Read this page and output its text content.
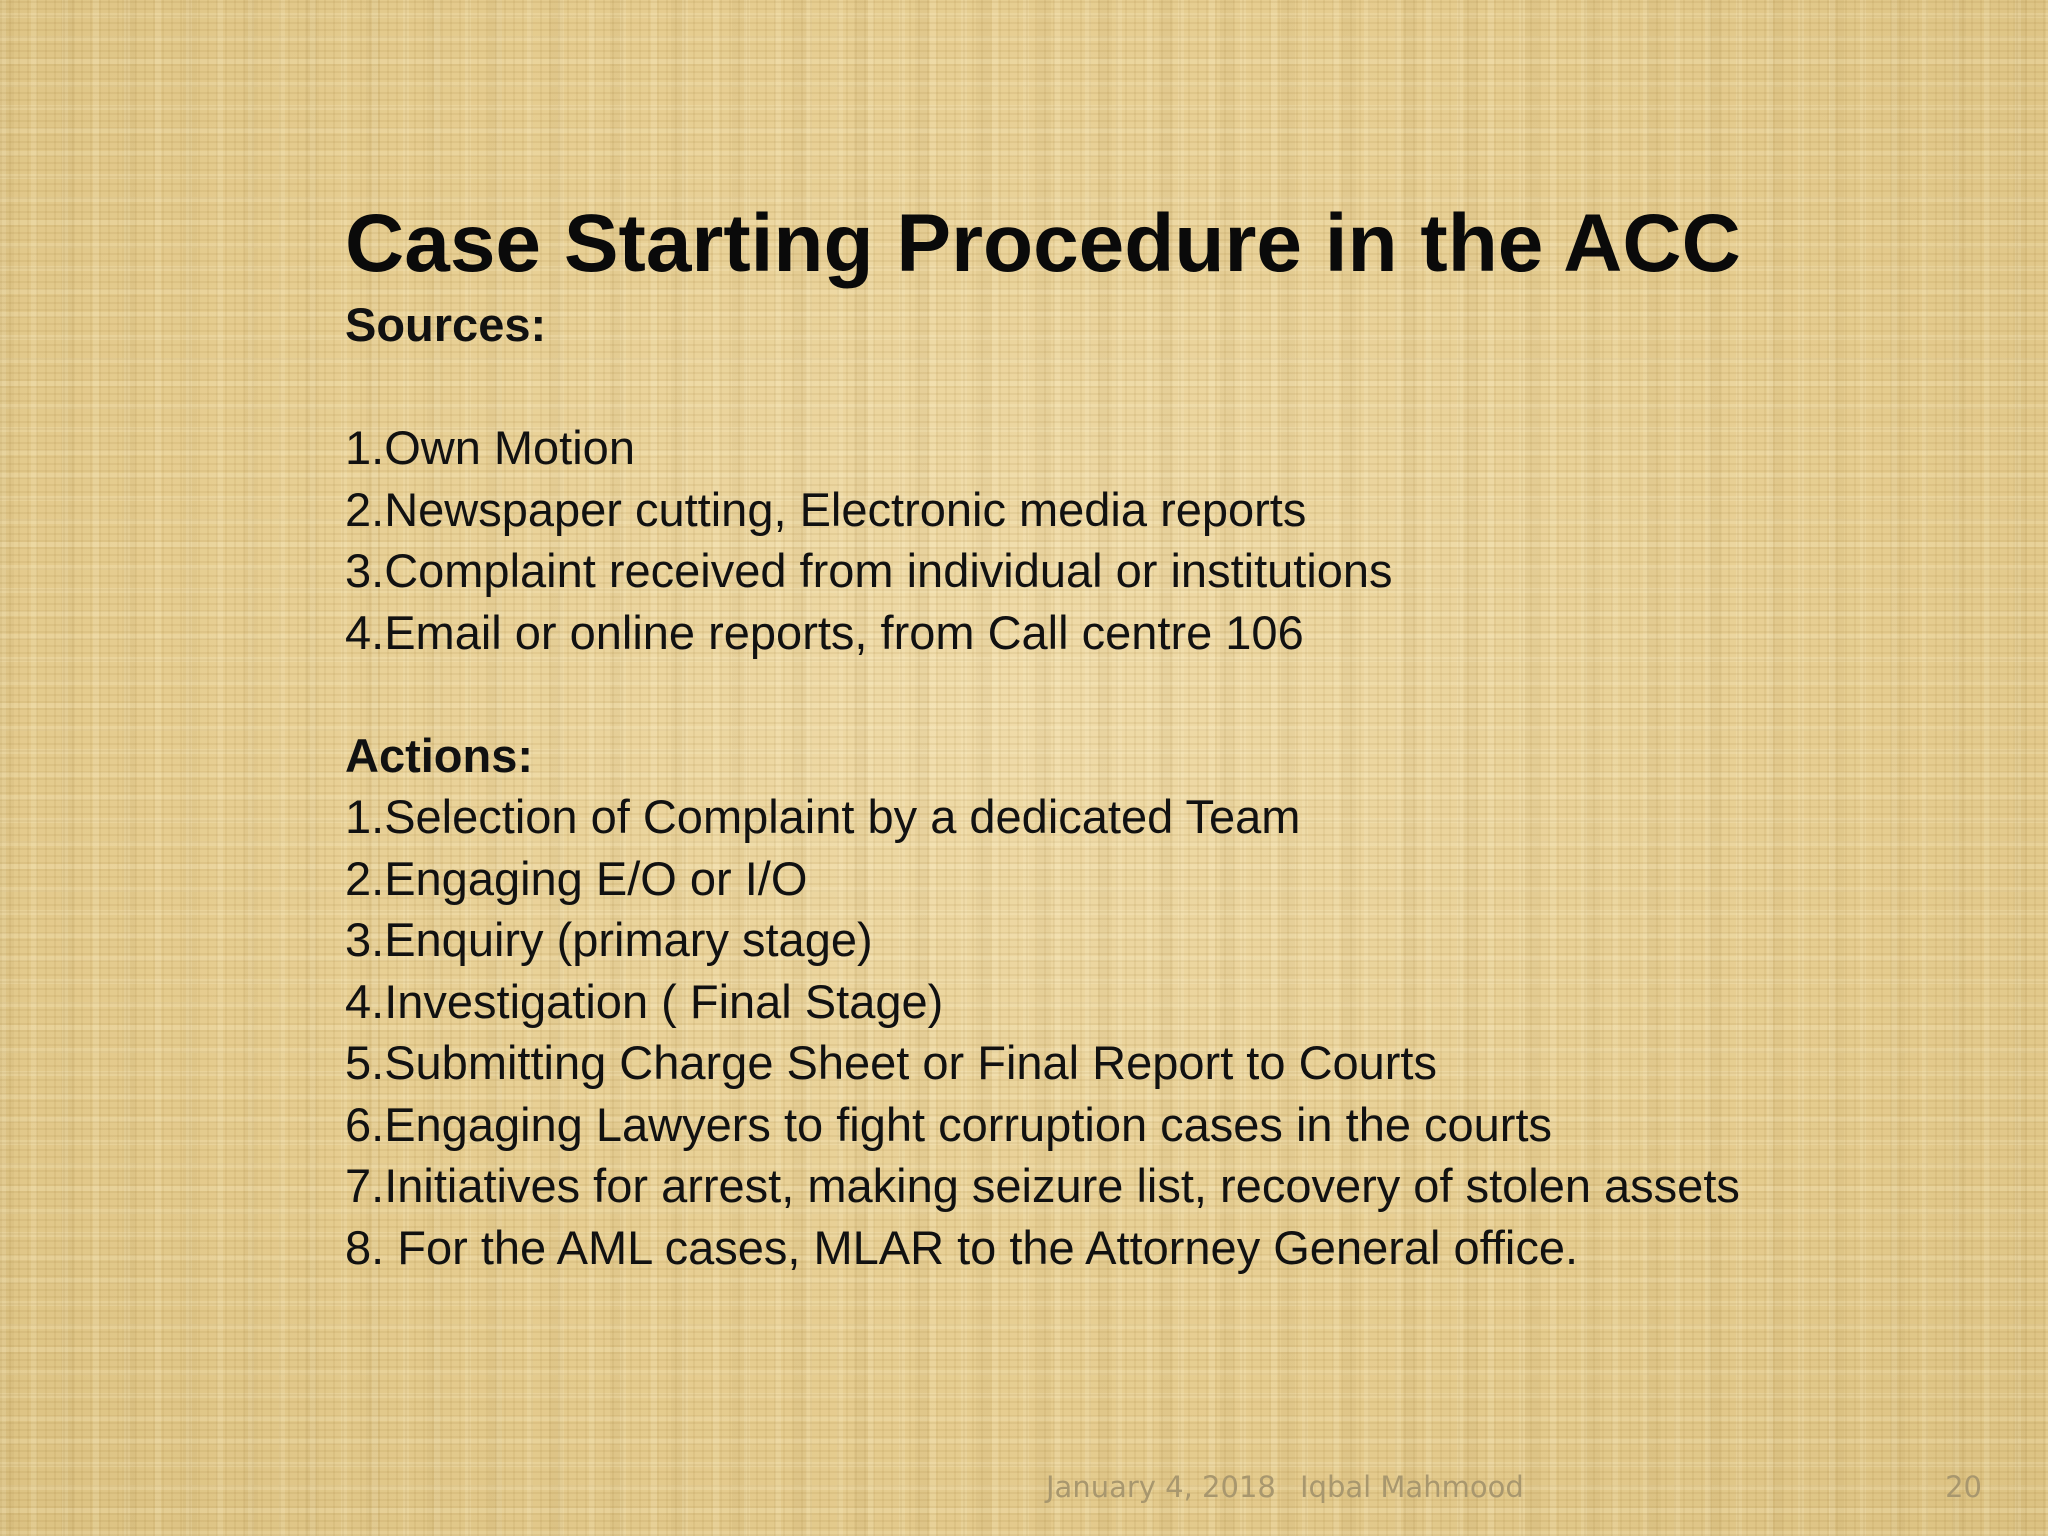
Case Starting Procedure in the ACC
Sources:
1.Own Motion
2.Newspaper cutting, Electronic media reports
3.Complaint received from individual or institutions
4.Email or online reports, from Call centre 106
Actions:
1.Selection of Complaint by a dedicated Team
2.Engaging E/O or I/O
3.Enquiry (primary stage)
4.Investigation ( Final Stage)
5.Submitting Charge Sheet or Final Report to Courts
6.Engaging Lawyers to fight corruption cases in the courts
7.Initiatives for arrest, making seizure list, recovery of stolen assets
8. For the AML cases, MLAR to the Attorney General office.
January 4, 2018 Iqbal Mahmood	20
